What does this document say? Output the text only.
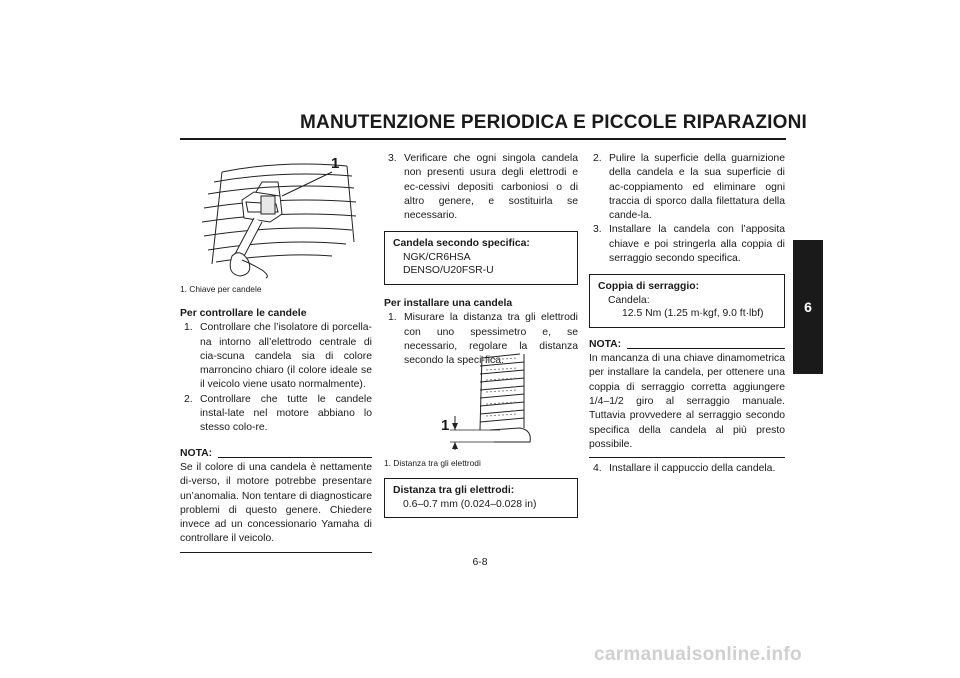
MANUTENZIONE PERIODICA E PICCOLE RIPARAZIONI
6
1
1. Chiave per candele
Per controllare le candele
1. Controllare che l’isolatore di porcella-na intorno all’elettrodo centrale di cia-scuna candela sia di colore marroncino chiaro (il colore ideale se il veicolo viene usato normalmente).
2. Controllare che tutte le candele instal-late nel motore abbiano lo stesso colo-re.
NOTA:
Se il colore di una candela è nettamente di-verso, il motore potrebbe presentare un’anomalia. Non tentare di diagnosticare problemi di questo genere. Chiedere invece ad un concessionario Yamaha di controllare il veicolo.
3. Verificare che ogni singola candela non presenti usura degli elettrodi e ec-cessivi depositi carboniosi o di altro genere, e sostituirla se necessario.
Candela secondo specifica:
NGK/CR6HSA
DENSO/U20FSR-U
Per installare una candela
1. Misurare la distanza tra gli elettrodi con uno spessimetro e, se necessario, regolare la distanza secondo la speci-fica.
1
1. Distanza tra gli elettrodi
Distanza tra gli elettrodi:
0.6–0.7 mm (0.024–0.028 in)
2. Pulire la superficie della guarnizione della candela e la sua superficie di ac-coppiamento ed eliminare ogni traccia di sporco dalla filettatura della cande-la.
3. Installare la candela con l’apposita chiave e poi stringerla alla coppia di serraggio secondo specifica.
Coppia di serraggio:
Candela:
12.5 Nm (1.25 m·kgf, 9.0 ft·lbf)
NOTA:
In mancanza di una chiave dinamometrica per installare la candela, per ottenere una coppia di serraggio corretta aggiungere 1/4–1/2 giro al serraggio manuale. Tuttavia provvedere al serraggio secondo specifica della candela al più presto possibile.
4. Installare il cappuccio della candela.
6-8
carmanualsonline.info
